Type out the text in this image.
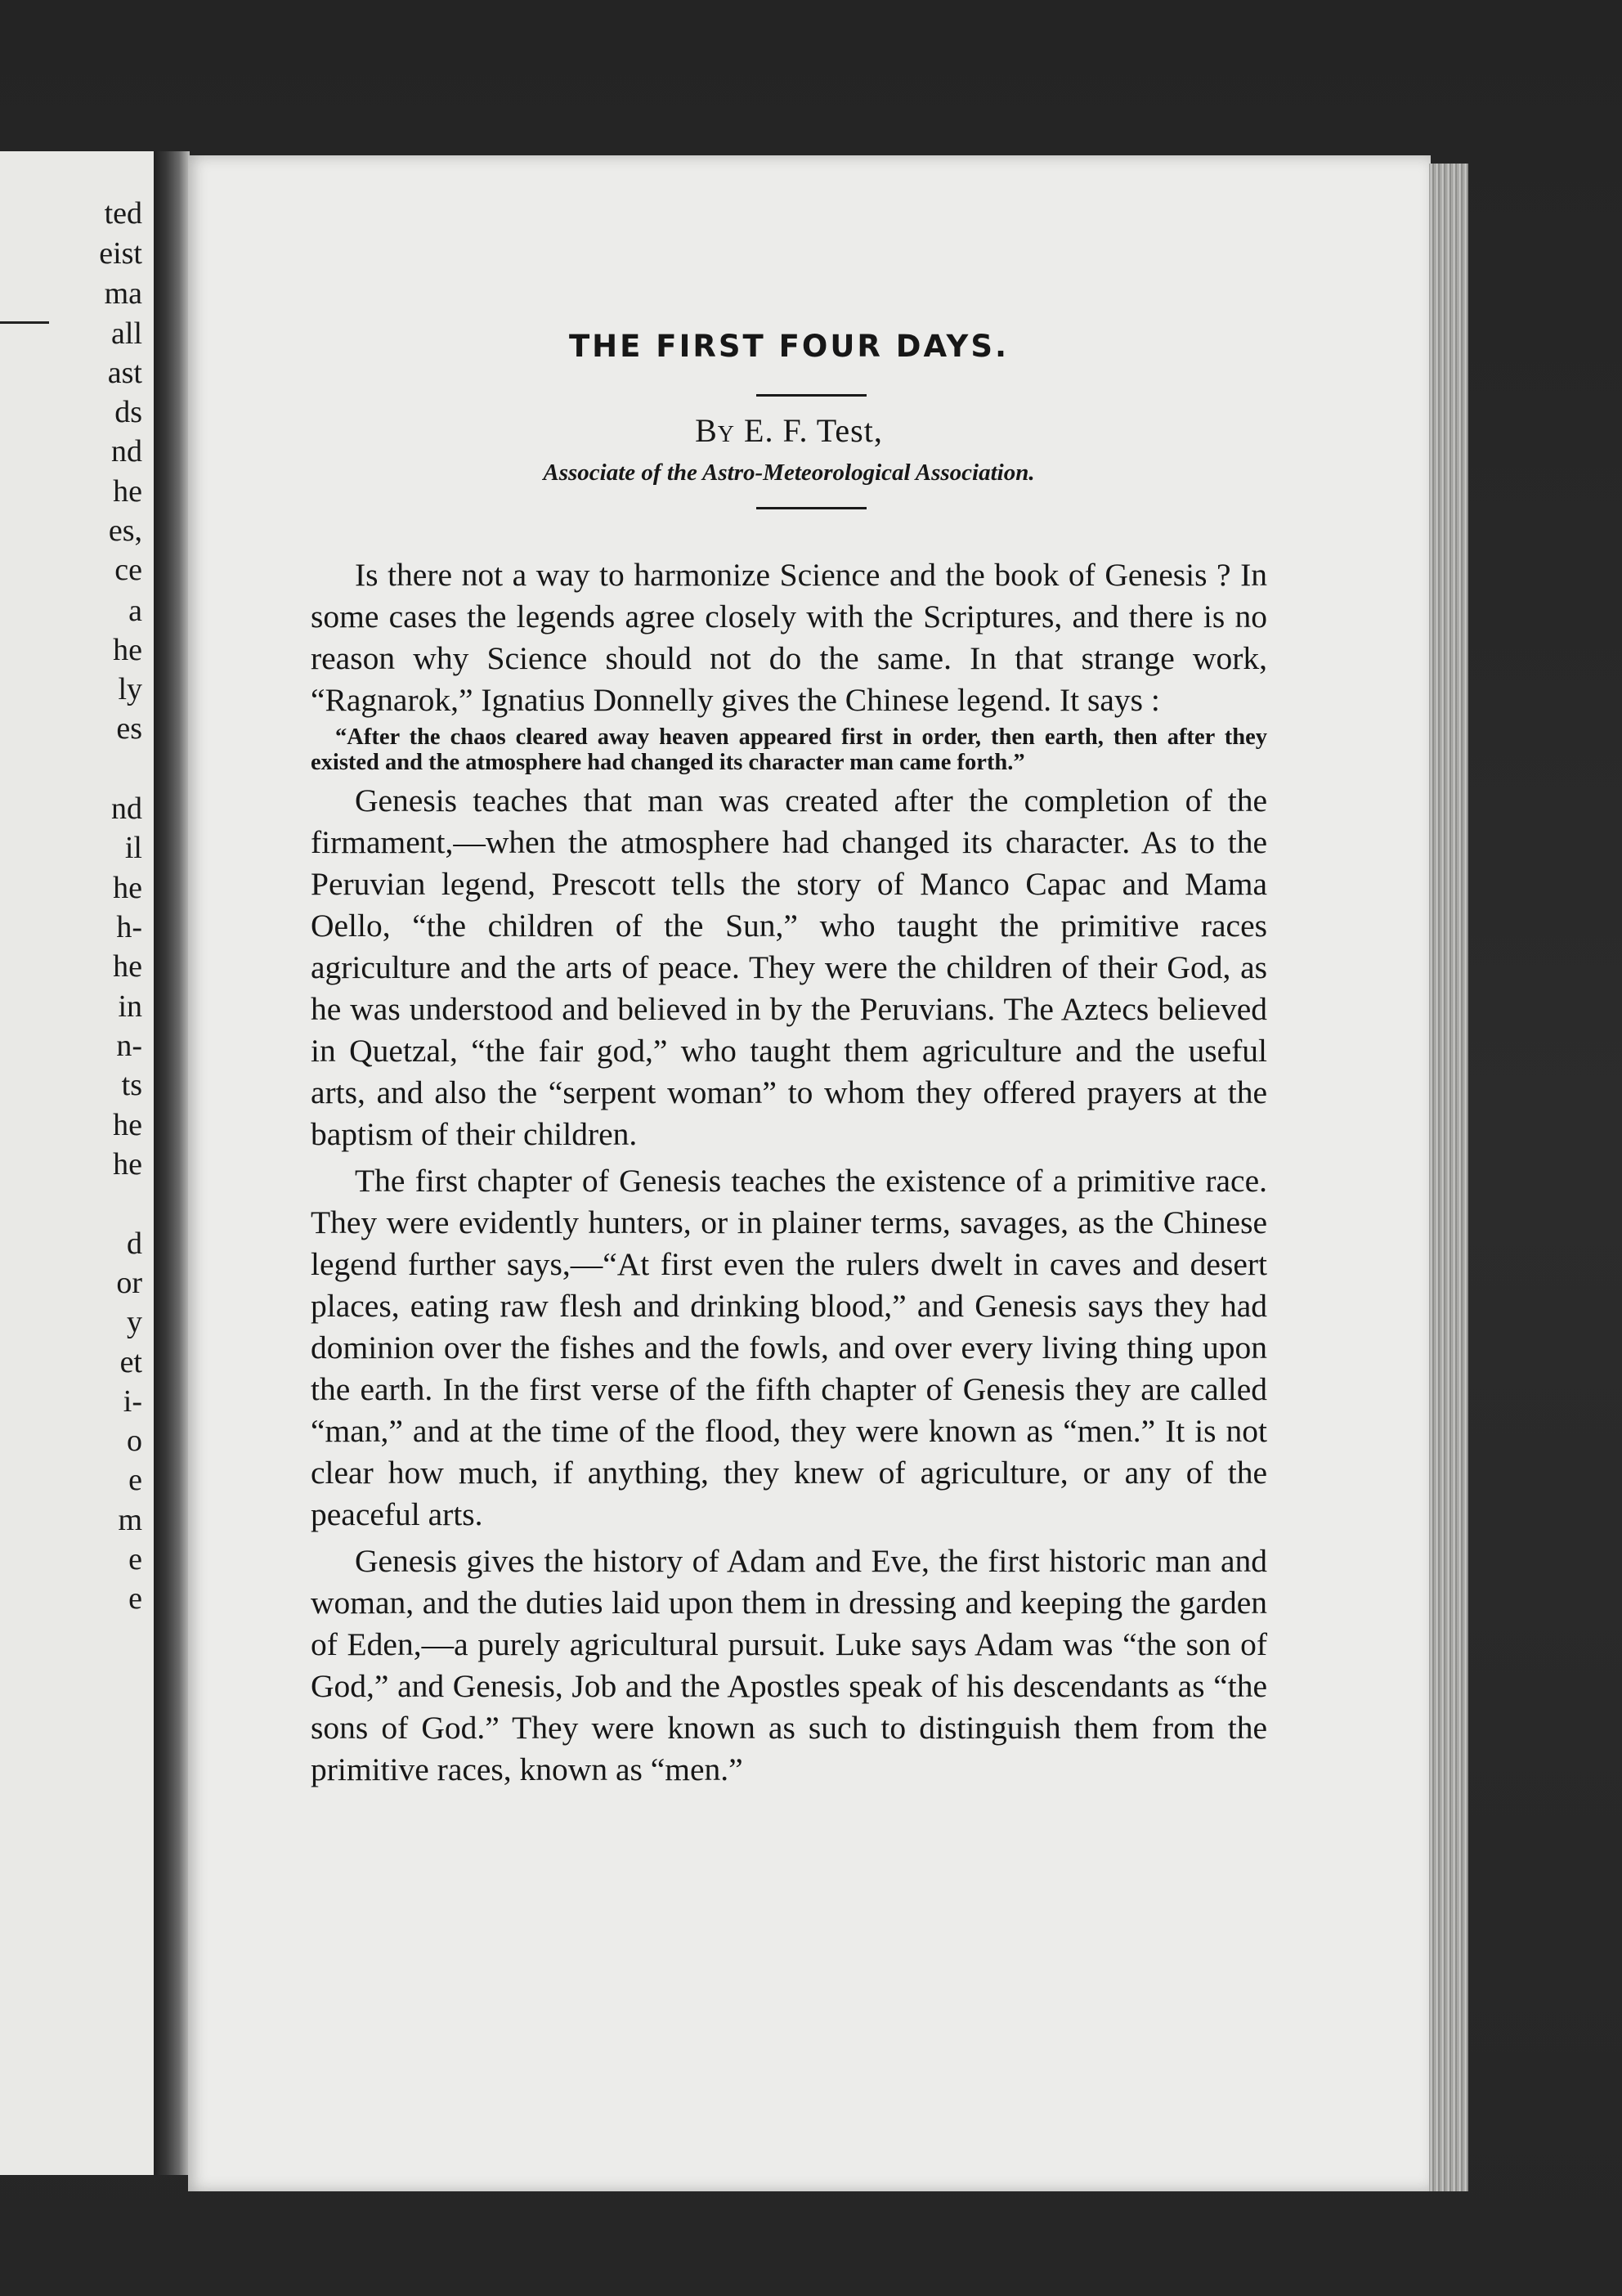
ted
eist
ma
all
ast
ds
nd
he
es,
ce
a
he
ly
es
nd
il
he
h-
he
in
n-
ts
he
he
d
or
y
et
i-
o
e
m
e
e
THE FIRST FOUR DAYS.
By E. F. Test,
Associate of the Astro-Meteorological Association.

Is there not a way to harmonize Science and the book of Genesis ? In some cases the legends agree closely with the Scriptures, and there is no reason why Science should not do the same. In that strange work, “Ragnarok,” Ignatius Donnelly gives the Chinese legend. It says :

“After the chaos cleared away heaven appeared first in order, then earth, then after they existed and the atmosphere had changed its character man came forth.”

Genesis teaches that man was created after the completion of the firmament,—when the atmosphere had changed its character. As to the Peruvian legend, Prescott tells the story of Manco Capac and Mama Oello, “the children of the Sun,” who taught the primitive races agriculture and the arts of peace. They were the children of their God, as he was understood and believed in by the Peruvians. The Aztecs believed in Quetzal, “the fair god,” who taught them agriculture and the useful arts, and also the “serpent woman” to whom they offered prayers at the baptism of their children.

The first chapter of Genesis teaches the existence of a primitive race. They were evidently hunters, or in plainer terms, savages, as the Chinese legend further says,—“At first even the rulers dwelt in caves and desert places, eating raw flesh and drinking blood,” and Genesis says they had dominion over the fishes and the fowls, and over every living thing upon the earth. In the first verse of the fifth chapter of Genesis they are called “man,” and at the time of the flood, they were known as “men.” It is not clear how much, if anything, they knew of agriculture, or any of the peaceful arts.

Genesis gives the history of Adam and Eve, the first historic man and woman, and the duties laid upon them in dressing and keeping the garden of Eden,—a purely agricultural pursuit. Luke says Adam was “the son of God,” and Genesis, Job and the Apostles speak of his descendants as “the sons of God.” They were known as such to distinguish them from the primitive races, known as “men.”
